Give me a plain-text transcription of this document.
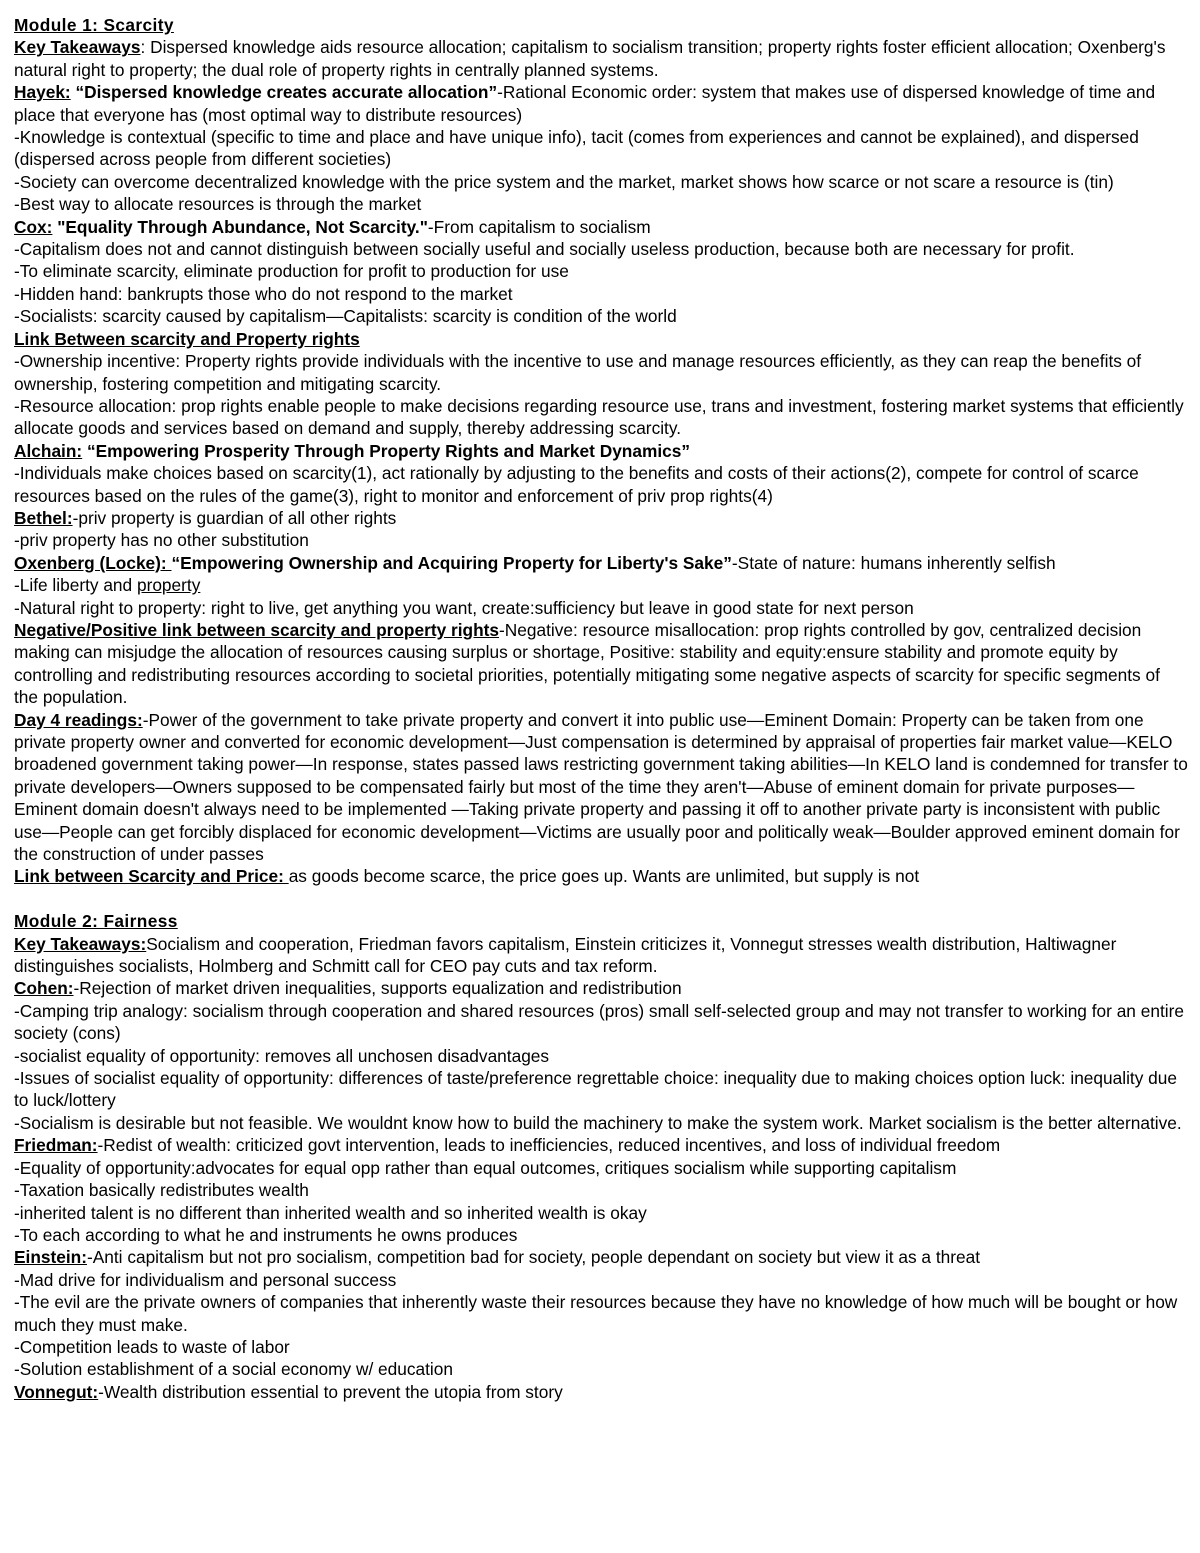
Module 1: Scarcity
Key Takeaways: Dispersed knowledge aids resource allocation; capitalism to socialism transition; property rights foster efficient allocation; Oxenberg's natural right to property; the dual role of property rights in centrally planned systems.
Hayek: “Dispersed knowledge creates accurate allocation”-Rational Economic order: system that makes use of dispersed knowledge of time and place that everyone has (most optimal way to distribute resources)
-Knowledge is contextual (specific to time and place and have unique info), tacit (comes from experiences and cannot be explained), and dispersed (dispersed across people from different societies)
-Society can overcome decentralized knowledge with the price system and the market, market shows how scarce or not scare a resource is (tin)
-Best way to allocate resources is through the market
Cox: "Equality Through Abundance, Not Scarcity."-From capitalism to socialism
-Capitalism does not and cannot distinguish between socially useful and socially useless production, because both are necessary for profit.
-To eliminate scarcity, eliminate production for profit to production for use
-Hidden hand: bankrupts those who do not respond to the market
-Socialists: scarcity caused by capitalism—Capitalists: scarcity is condition of the world
Link Between scarcity and Property rights
-Ownership incentive: Property rights provide individuals with the incentive to use and manage resources efficiently, as they can reap the benefits of ownership, fostering competition and mitigating scarcity.
-Resource allocation: prop rights enable people to make decisions regarding resource use, trans and investment, fostering market systems that efficiently allocate goods and services based on demand and supply, thereby addressing scarcity.
Alchain: “Empowering Prosperity Through Property Rights and Market Dynamics”
-Individuals make choices based on scarcity(1), act rationally by adjusting to the benefits and costs of their actions(2), compete for control of scarce resources based on the rules of the game(3), right to monitor and enforcement of priv prop rights(4)
Bethel:-priv property is guardian of all other rights
-priv property has no other substitution
Oxenberg (Locke): “Empowering Ownership and Acquiring Property for Liberty's Sake”-State of nature: humans inherently selfish
-Life liberty and property
-Natural right to property: right to live, get anything you want, create:sufficiency but leave in good state for next person
Negative/Positive link between scarcity and property rights-Negative: resource misallocation: prop rights controlled by gov, centralized decision making can misjudge the allocation of resources causing surplus or shortage, Positive: stability and equity:ensure stability and promote equity by controlling and redistributing resources according to societal priorities, potentially mitigating some negative aspects of scarcity for specific segments of the population.
Day 4 readings:-Power of the government to take private property and convert it into public use—Eminent Domain: Property can be taken from one private property owner and converted for economic development—Just compensation is determined by appraisal of properties fair market value—KELO broadened government taking power—In response, states passed laws restricting government taking abilities—In KELO land is condemned for transfer to private developers—Owners supposed to be compensated fairly but most of the time they aren't—Abuse of eminent domain for private purposes—Eminent domain doesn't always need to be implemented —Taking private property and passing it off to another private party is inconsistent with public use—People can get forcibly displaced for economic development—Victims are usually poor and politically weak—Boulder approved eminent domain for the construction of under passes
Link between Scarcity and Price: as goods become scarce, the price goes up. Wants are unlimited, but supply is not
Module 2: Fairness
Key Takeaways:Socialism and cooperation, Friedman favors capitalism, Einstein criticizes it, Vonnegut stresses wealth distribution, Haltiwagner distinguishes socialists, Holmberg and Schmitt call for CEO pay cuts and tax reform.
Cohen:-Rejection of market driven inequalities, supports equalization and redistribution
-Camping trip analogy: socialism through cooperation and shared resources (pros) small self-selected group and may not transfer to working for an entire society (cons)
-socialist equality of opportunity: removes all unchosen disadvantages
-Issues of socialist equality of opportunity: differences of taste/preference regrettable choice: inequality due to making choices option luck: inequality due to luck/lottery
-Socialism is desirable but not feasible. We wouldnt know how to build the machinery to make the system work. Market socialism is the better alternative.
Friedman:-Redist of wealth: criticized govt intervention, leads to inefficiencies, reduced incentives, and loss of individual freedom
-Equality of opportunity:advocates for equal opp rather than equal outcomes, critiques socialism while supporting capitalism
-Taxation basically redistributes wealth
-inherited talent is no different than inherited wealth and so inherited wealth is okay
-To each according to what he and instruments he owns produces
Einstein:-Anti capitalism but not pro socialism, competition bad for society, people dependant on society but view it as a threat
-Mad drive for individualism and personal success
-The evil are the private owners of companies that inherently waste their resources because they have no knowledge of how much will be bought or how much they must make.
-Competition leads to waste of labor
-Solution establishment of a social economy w/ education
Vonnegut:-Wealth distribution essential to prevent the utopia from story
